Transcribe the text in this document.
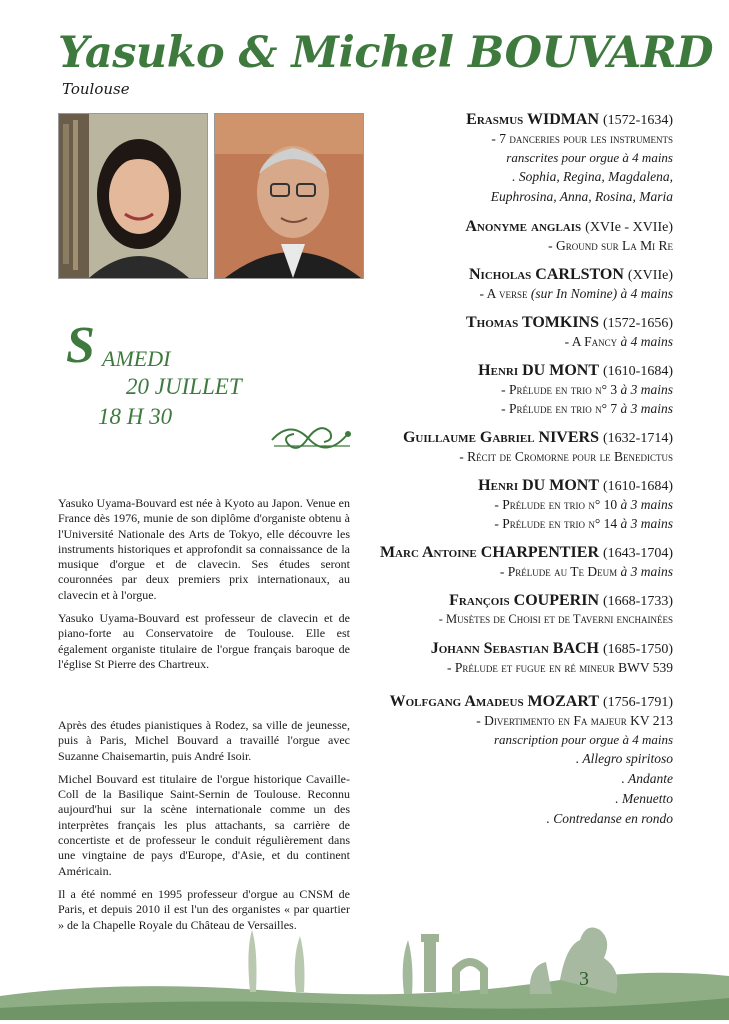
Yasuko & Michel BOUVARD
Toulouse
S AMEDI
20 JUILLET
18 H 30

Yasuko Uyama-Bouvard est née à Kyoto au Japon. Venue en France dès 1976, munie de son diplôme d'organiste obtenu à l'Université Nationale des Arts de Tokyo, elle découvre les instruments historiques et approfondit sa connaissance de la musique d'orgue et de clavecin. Ses études seront couronnées par deux premiers prix internationaux, au clavecin et à l'orgue.

Yasuko Uyama-Bouvard est professeur de clavecin et de piano-forte au Conservatoire de Toulouse. Elle est également organiste titulaire de l'orgue français baroque de l'église St Pierre des Chartreux.

Après des études pianistiques à Rodez, sa ville de jeunesse, puis à Paris, Michel Bouvard a travaillé l'orgue avec Suzanne Chaisemartin, puis André Isoir.

Michel Bouvard est titulaire de l'orgue historique Cavaille-Coll de la Basilique Saint-Sernin de Toulouse. Reconnu aujourd'hui sur la scène internationale comme un des interprètes français les plus attachants, sa carrière de concertiste et de professeur le conduit régulièrement dans une vingtaine de pays d'Europe, d'Asie, et du continent Américain.

Il a été nommé en 1995 professeur d'orgue au CNSM de Paris, et depuis 2010 il est l'un des organistes « par quartier » de la Chapelle Royale du Château de Versailles.

Erasmus WIDMAN (1572-1634)
- 7 danceries pour les instruments
ranscrites pour orgue à 4 mains
. Sophia, Regina, Magdalena,
Euphrosina, Anna, Rosina, Maria
Anonyme anglais (XVIe - XVIIe)
- Ground sur La Mi Re
Nicholas CARLSTON (XVIIe)
- A verse (sur In Nomine) à 4 mains
Thomas TOMKINS (1572-1656)
- A Fancy à 4 mains
Henri DU MONT (1610-1684)
- Prélude en trio n° 3 à 3 mains
- Prélude en trio n° 7 à 3 mains
Guillaume Gabriel NIVERS (1632-1714)
- Récit de Cromorne pour le Benedictus
Henri DU MONT (1610-1684)
- Prélude en trio n° 10 à 3 mains
- Prélude en trio n° 14 à 3 mains
Marc Antoine CHARPENTIER (1643-1704)
- Prélude au Te Deum à 3 mains
François COUPERIN (1668-1733)
- Musètes de Choisi et de Taverni enchainées
Johann Sebastian BACH (1685-1750)
- Prélude et fugue en ré mineur BWV 539
Wolfgang Amadeus MOZART (1756-1791)
- Divertimento en Fa majeur KV 213
ranscription pour orgue à 4 mains
. Allegro spiritoso
. Andante
. Menuetto
. Contredanse en rondo
3
